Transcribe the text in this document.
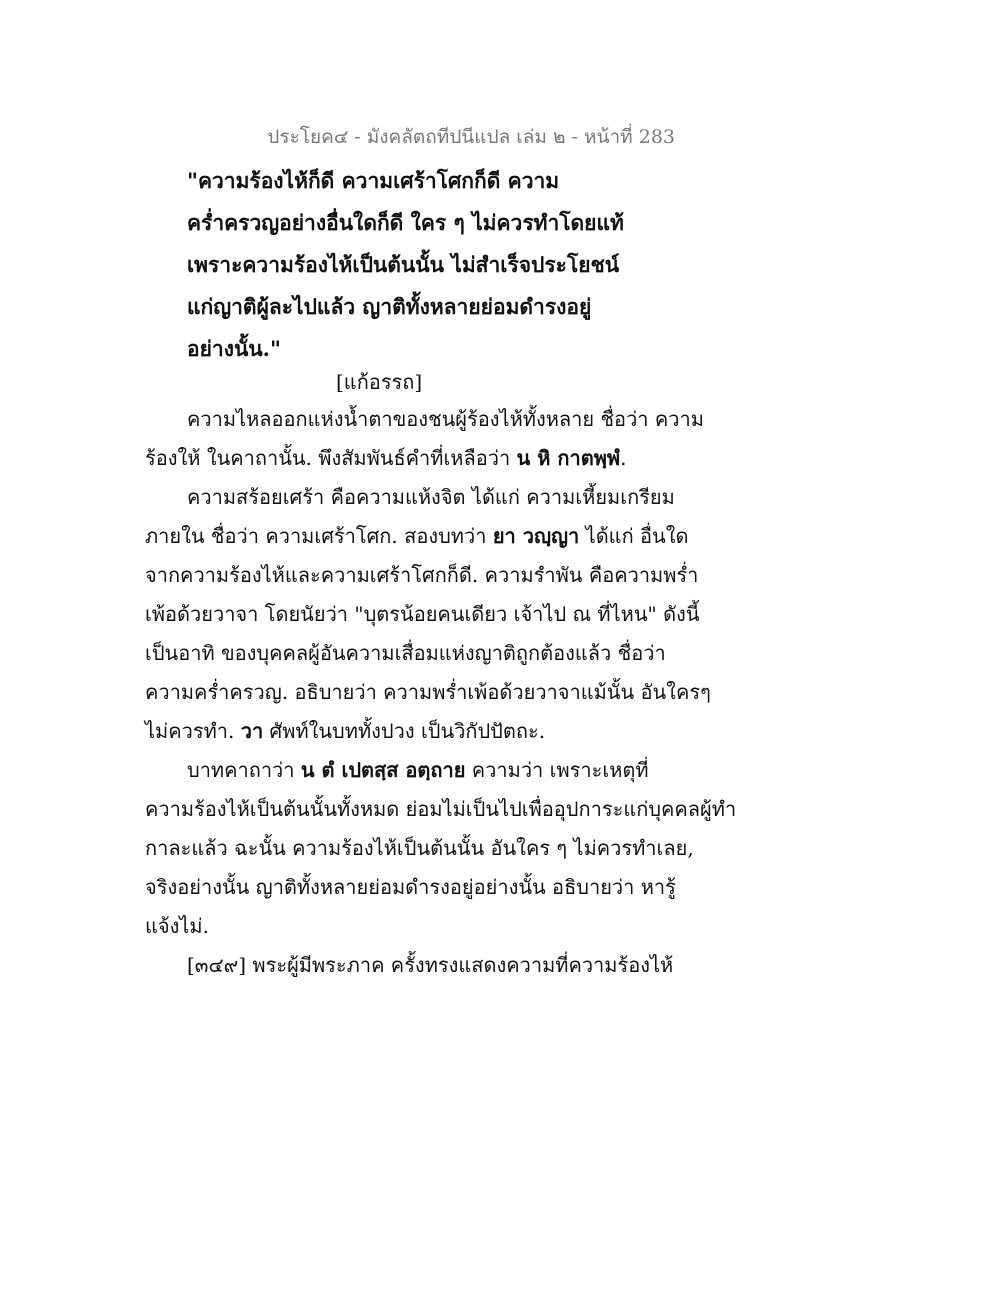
ประโยค๔ - มังคลัตถทีปนีแปล เล่ม ๒ - หน้าที่ 283
"ความร้องไห้ก็ดี ความเศร้าโศกก็ดี ความ
คร่ำครวญอย่างอื่นใดก็ดี ใคร ๆ ไม่ควรทำโดยแท้
เพราะความร้องไห้เป็นต้นนั้น ไม่สำเร็จประโยชน์
แก่ญาติผู้ละไปแล้ว ญาติทั้งหลายย่อมดำรงอยู่
อย่างนั้น."
[แก้อรรถ]
ความไหลออกแห่งน้ำตาของชนผู้ร้องไห้ทั้งหลาย ชื่อว่า ความ
ร้องให้ ในคาถานั้น. พึงสัมพันธ์คำที่เหลือว่า น หิ กาตพฺพํ.
ความสร้อยเศร้า คือความแห้งจิต ได้แก่ ความเหี้ยมเกรียม
ภายใน ชื่อว่า ความเศร้าโศก. สองบทว่า ยา วญฺญา ได้แก่ อื่นใด
จากความร้องไห้และความเศร้าโศกก็ดี. ความรำพัน คือความพร่ำ
เพ้อด้วยวาจา โดยนัยว่า "บุตรน้อยคนเดียว เจ้าไป ณ ที่ไหน" ดังนี้
เป็นอาทิ ของบุคคลผู้อันความเสื่อมแห่งญาติถูกต้องแล้ว ชื่อว่า
ความคร่ำครวญ. อธิบายว่า ความพร่ำเพ้อด้วยวาจาแม้นั้น อันใครๆ
ไม่ควรทำ. วา ศัพท์ในบททั้งปวง เป็นวิกัปปัตถะ.
บาทคาถาว่า น ตํ เปตสฺส อตฺถาย ความว่า เพราะเหตุที่
ความร้องไห้เป็นต้นนั้นทั้งหมด ย่อมไม่เป็นไปเพื่ออุปการะแก่บุคคลผู้ทำ
กาละแล้ว ฉะนั้น ความร้องไห้เป็นต้นนั้น อันใคร ๆ ไม่ควรทำเลย,
จริงอย่างนั้น ญาติทั้งหลายย่อมดำรงอยู่อย่างนั้น อธิบายว่า หารู้
แจ้งไม่.
[๓๔๙] พระผู้มีพระภาค ครั้งทรงแสดงความที่ความร้องไห้
